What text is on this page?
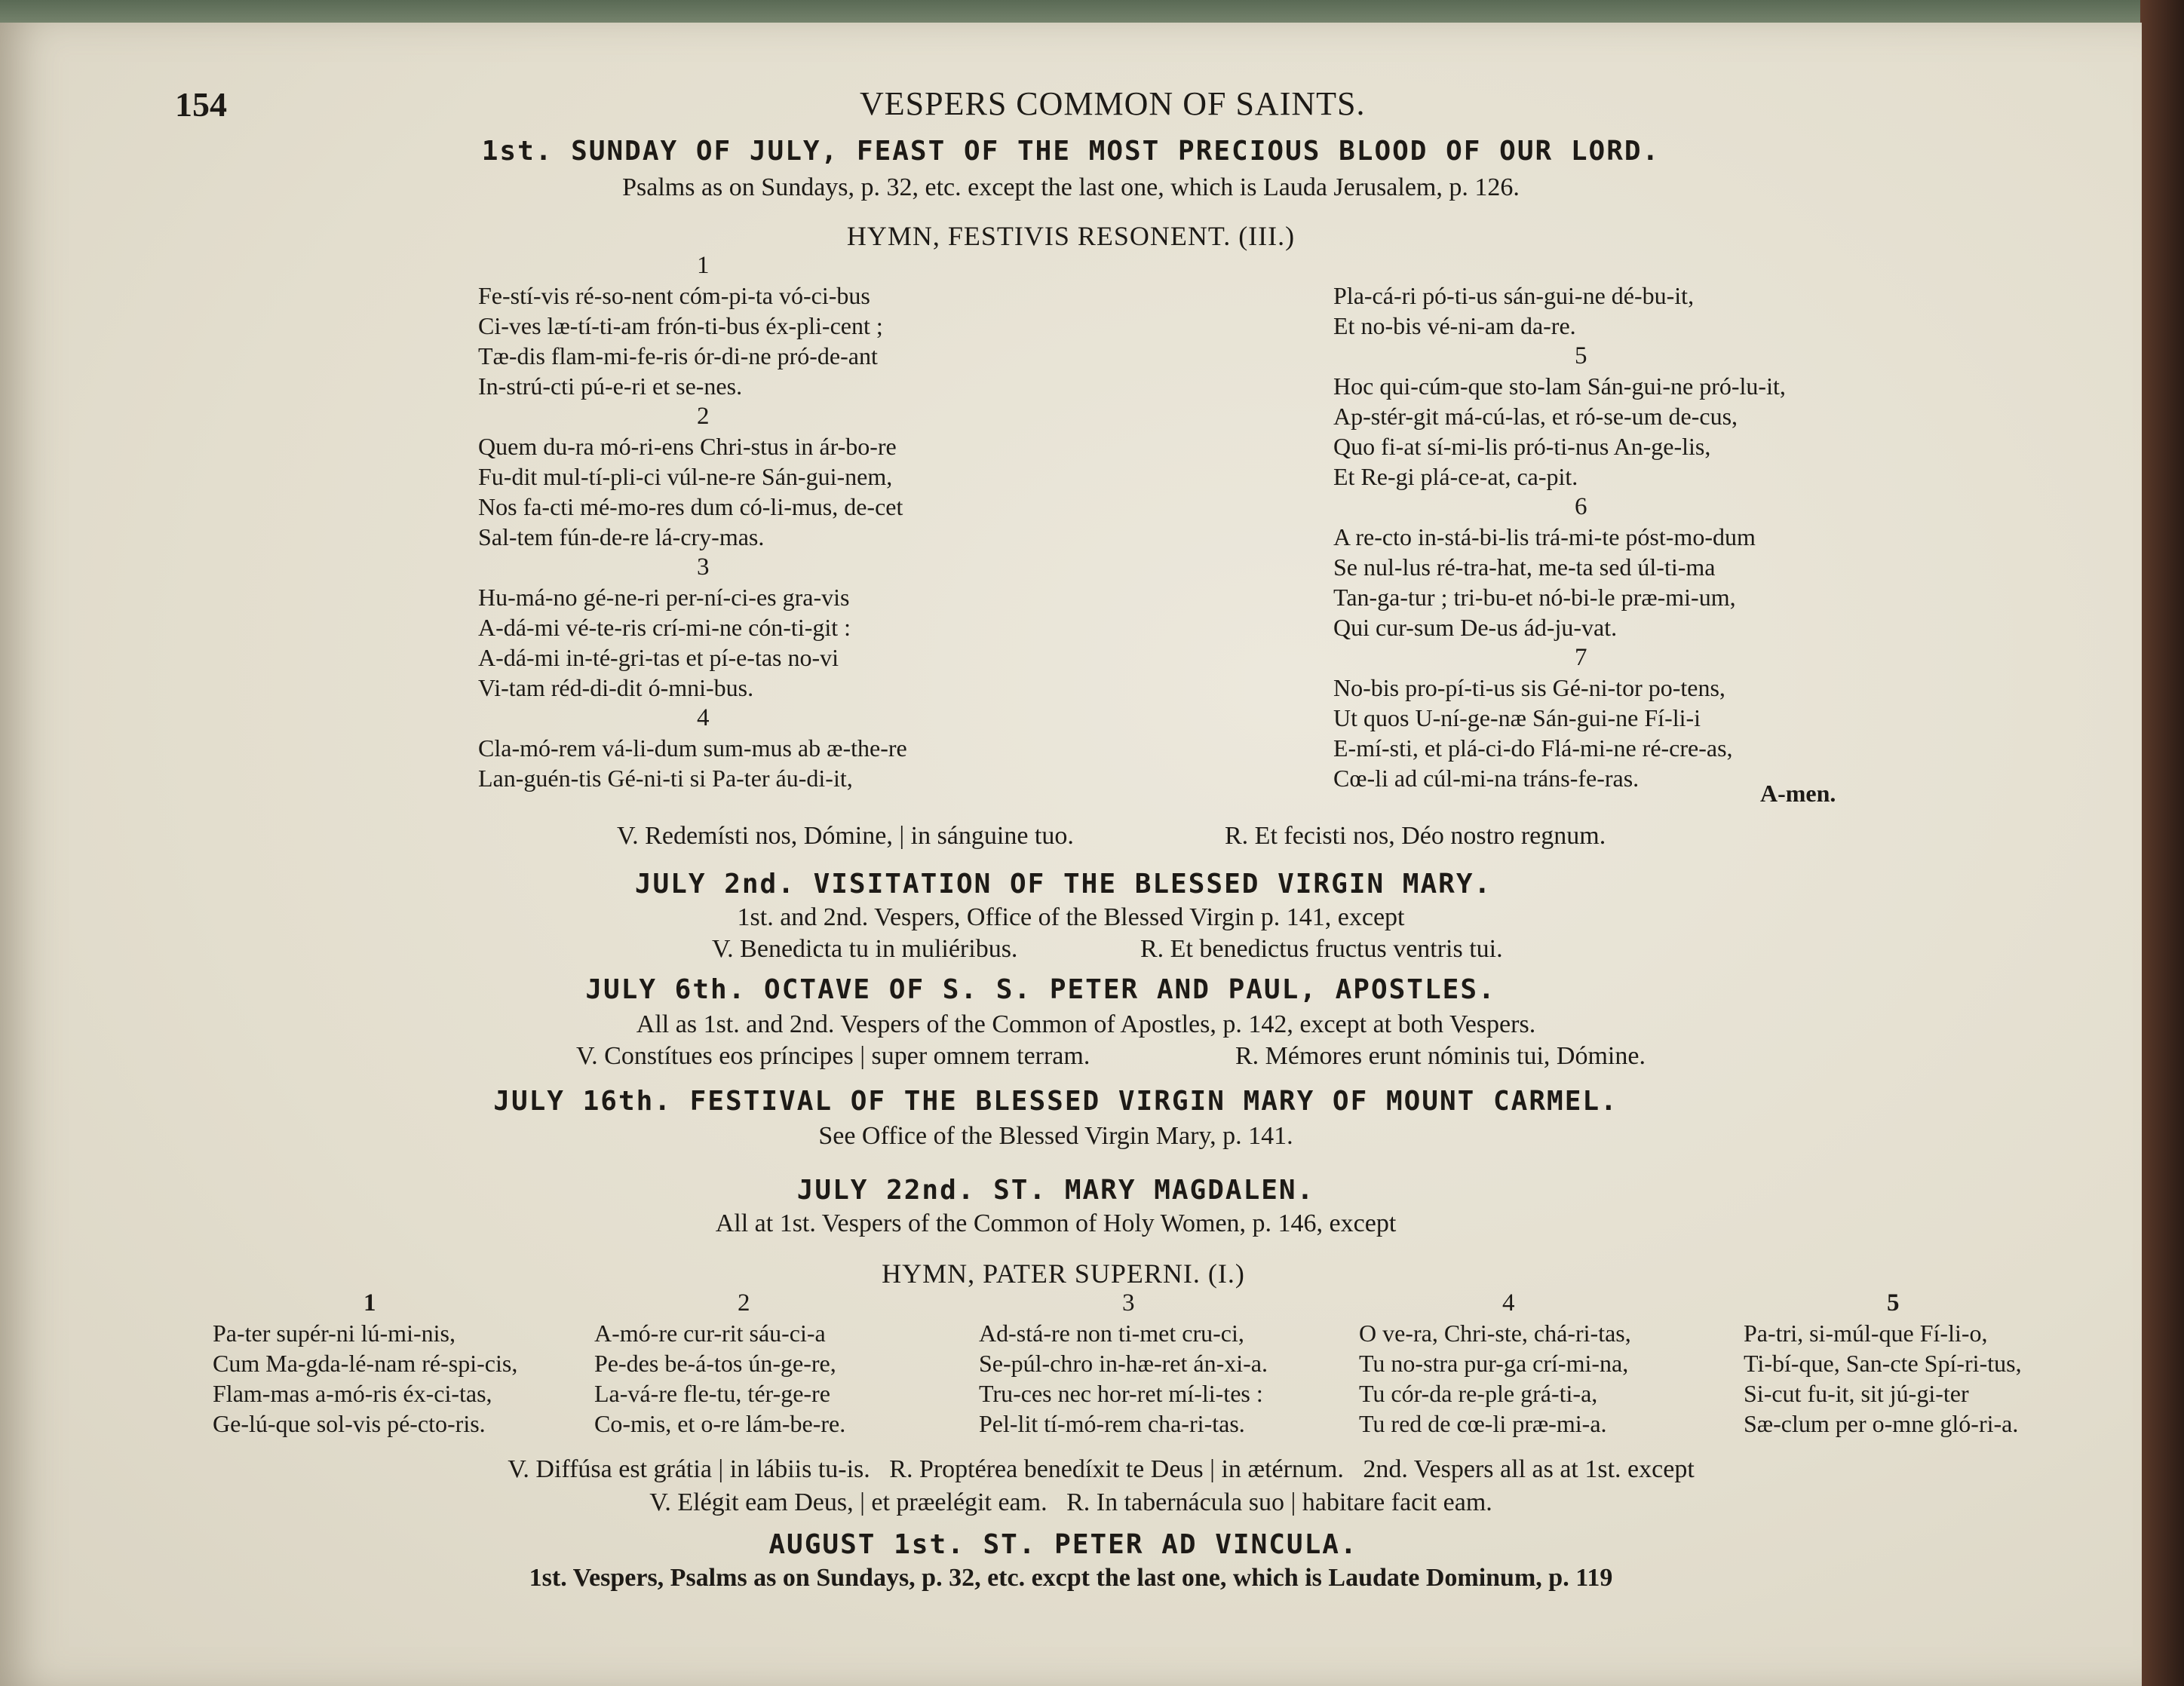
154	VESPERS COMMON OF SAINTS.
1st. SUNDAY OF JULY, FEAST OF THE MOST PRECIOUS BLOOD OF OUR LORD.
Psalms as on Sundays, p. 32, etc. except the last one, which is Lauda Jerusalem, p. 126.
HYMN, FESTIVIS RESONENT. (III.)
1
Fe-stí-vis ré-so-nent cóm-pi-ta vó-ci-bus
Ci-ves læ-tí-ti-am frón-ti-bus éx-pli-cent ;
Tæ-dis flam-mi-fe-ris ór-di-ne pró-de-ant
In-strú-cti pú-e-ri et se-nes.
2
Quem du-ra mó-ri-ens Chri-stus in ár-bo-re
Fu-dit mul-tí-pli-ci vúl-ne-re Sán-gui-nem,
Nos fa-cti mé-mo-res dum có-li-mus, de-cet
Sal-tem fún-de-re lá-cry-mas.
3
Hu-má-no gé-ne-ri per-ní-ci-es gra-vis
A-dá-mi vé-te-ris crí-mi-ne cón-ti-git :
A-dá-mi in-té-gri-tas et pí-e-tas no-vi
Vi-tam réd-di-dit ó-mni-bus.
4
Cla-mó-rem vá-li-dum sum-mus ab æ-the-re
Lan-guén-tis Gé-ni-ti si Pa-ter áu-di-it,
Pla-cá-ri pó-ti-us sán-gui-ne dé-bu-it,
Et no-bis vé-ni-am da-re.
5
Hoc qui-cúm-que sto-lam Sán-gui-ne pró-lu-it,
Ap-stér-git má-cú-las, et ró-se-um de-cus,
Quo fi-at sí-mi-lis pró-ti-nus An-ge-lis,
Et Re-gi plá-ce-at, ca-pit.
6
A re-cto in-stá-bi-lis trá-mi-te póst-mo-dum
Se nul-lus ré-tra-hat, me-ta sed úl-ti-ma
Tan-ga-tur ; tri-bu-et nó-bi-le præ-mi-um,
Qui cur-sum De-us ád-ju-vat.
7
No-bis pro-pí-ti-us sis Gé-ni-tor po-tens,
Ut quos U-ní-ge-næ Sán-gui-ne Fí-li-i
E-mí-sti, et plá-ci-do Flá-mi-ne ré-cre-as,
Cœ-li ad cúl-mi-na tráns-fe-ras.
A-men.
V. Redemísti nos, Dómine, | in sánguine tuo.	R. Et fecisti nos, Déo nostro regnum.
JULY 2nd. VISITATION OF THE BLESSED VIRGIN MARY.
1st. and 2nd. Vespers, Office of the Blessed Virgin p. 141, except
V. Benedicta tu in muliéribus.	R. Et benedictus fructus ventris tui.
JULY 6th. OCTAVE OF S. S. PETER AND PAUL, APOSTLES.
All as 1st. and 2nd. Vespers of the Common of Apostles, p. 142, except at both Vespers.
V. Constítues eos príncipes | super omnem terram.	R. Mémores erunt nóminis tui, Dómine.
JULY 16th. FESTIVAL OF THE BLESSED VIRGIN MARY OF MOUNT CARMEL.
See Office of the Blessed Virgin Mary, p. 141.
JULY 22nd. ST. MARY MAGDALEN.
All at 1st. Vespers of the Common of Holy Women, p. 146, except
HYMN, PATER SUPERNI. (I.)
1
Pa-ter supér-ni lú-mi-nis,
Cum Ma-gda-lé-nam ré-spi-cis,
Flam-mas a-mó-ris éx-ci-tas,
Ge-lú-que sol-vis pé-cto-ris.
2
A-mó-re cur-rit sáu-ci-a
Pe-des be-á-tos ún-ge-re,
La-vá-re fle-tu, tér-ge-re
Co-mis, et o-re lám-be-re.
3
Ad-stá-re non ti-met cru-ci,
Se-púl-chro in-hæ-ret án-xi-a.
Tru-ces nec hor-ret mí-li-tes :
Pel-lit tí-mó-rem cha-ri-tas.
4
O ve-ra, Chri-ste, chá-ri-tas,
Tu no-stra pur-ga crí-mi-na,
Tu cór-da re-ple grá-ti-a,
Tu red de cœ-li præ-mi-a.
5
Pa-tri, si-múl-que Fí-li-o,
Ti-bí-que, San-cte Spí-ri-tus,
Si-cut fu-it, sit jú-gi-ter
Sæ-clum per o-mne gló-ri-a.
V. Diffúsa est grátia | in lábiis tu-is.   R. Proptérea benedíxit te Deus | in ætérnum.   2nd. Vespers all as at 1st. except
V. Elégit eam Deus, | et præelégit eam.   R. In tabernácula suo | habitare facit eam.
AUGUST 1st. ST. PETER AD VINCULA.
1st. Vespers, Psalms as on Sundays, p. 32, etc. excpt the last one, which is Laudate Dominum, p. 119
